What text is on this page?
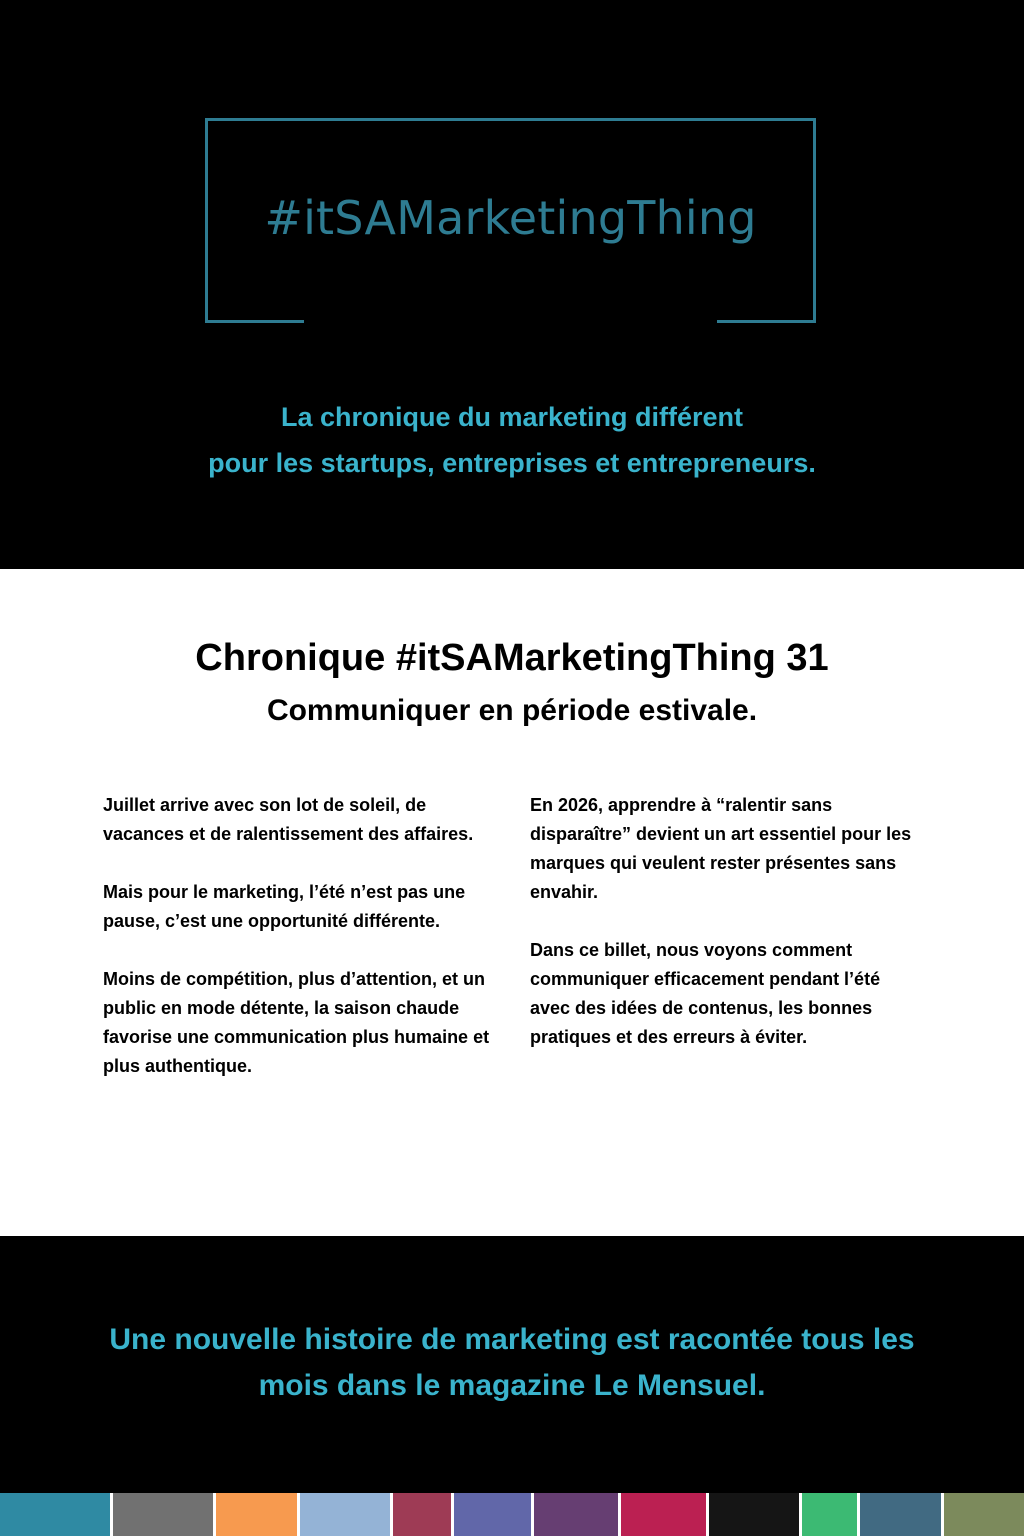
#itSAMarketingThing
La chronique du marketing différent
pour les startups, entreprises et entrepreneurs.
Chronique #itSAMarketingThing 31
Communiquer en période estivale.

Juillet arrive avec son lot de soleil, de vacances et de ralentissement des affaires.

Mais pour le marketing, l’été n’est pas une pause, c’est une opportunité différente.

Moins de compétition, plus d’attention, et un public en mode détente, la saison chaude favorise une communication plus humaine et plus authentique.

En 2026, apprendre à “ralentir sans disparaître” devient un art essentiel pour les marques qui veulent rester présentes sans envahir.

Dans ce billet, nous voyons comment communiquer efficacement pendant l’été avec des idées de contenus, les bonnes pratiques et des erreurs à éviter.

Une nouvelle histoire de marketing est racontée tous les mois dans le magazine Le Mensuel.
